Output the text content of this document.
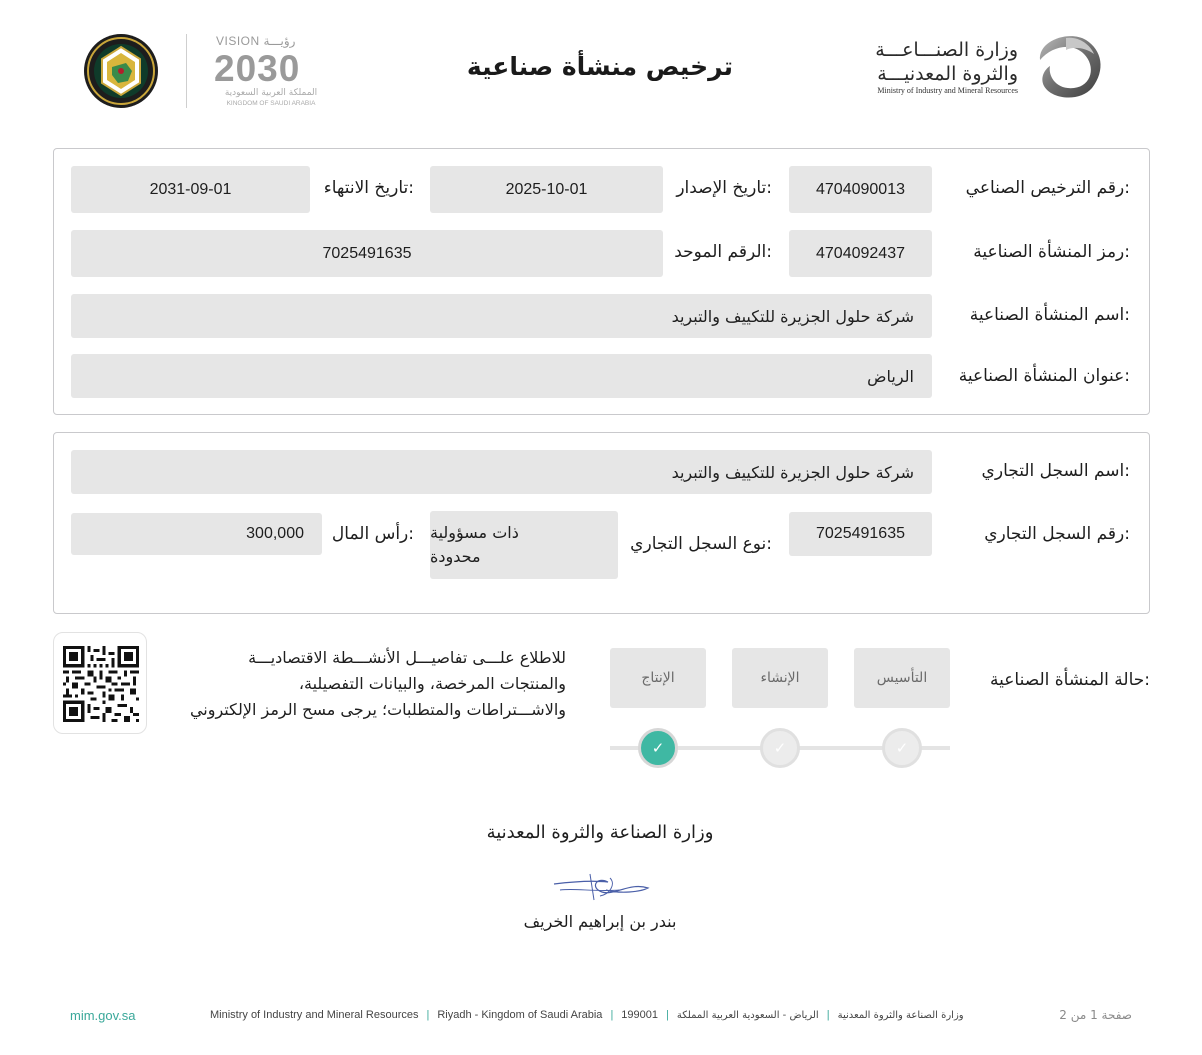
وزارة الصنـــاعـــة
والثروة المعدنيـــة
Ministry of Industry and Mineral Resources
ترخيص منشأة صناعية
VISION رؤيـــة
2030
المملكة العربية السعودية
KINGDOM OF SAUDI ARABIA
رقم الترخيص الصناعي:
4704090013
تاريخ الإصدار:
2025-10-01
تاريخ الانتهاء:
2031-09-01
رمز المنشأة الصناعية:
4704092437
الرقم الموحد:
7025491635
اسم المنشأة الصناعية:
شركة حلول الجزيرة للتكييف والتبريد
عنوان المنشأة الصناعية:
الرياض
اسم السجل التجاري:
شركة حلول الجزيرة للتكييف والتبريد
رقم السجل التجاري:
7025491635
نوع السجل التجاري:
ذات مسؤولية
محدودة
رأس المال:
300,000
حالة المنشأة الصناعية:
التأسيس
الإنشاء
الإنتاج
✓
✓
✓
للاطلاع علـــى تفاصيـــل الأنشـــطة الاقتصاديـــة
والمنتجات المرخصة، والبيانات التفصيلية،
والاشـــتراطات والمتطلبات؛ يرجى مسح الرمز الإلكتروني
وزارة الصناعة والثروة المعدنية
بندر بن إبراهيم الخريف
mim.gov.sa	Ministry of Industry and Mineral Resources | Riyadh - Kingdom of Saudi Arabia | 199001 |	وزارة الصناعة والثروة المعدنية|الرياض - السعودية العربية المملكة	صفحة 1 من 2
